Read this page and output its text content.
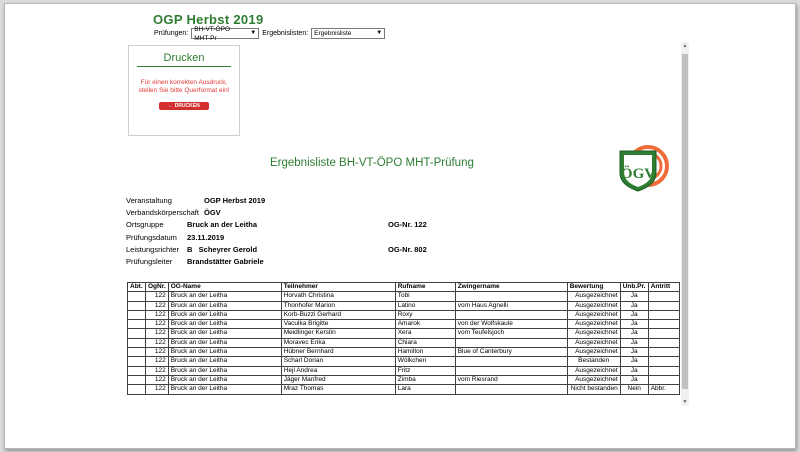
OGP Herbst 2019
Prüfungen:
BH-VT-ÖPO MHT-Pr
▼ Ergebnislisten: Ergebnisliste	▼
Drucken
Für einen korrekten Ausdruck,
stellen Sie bitte Querformat ein!
← DRUCKEN
Ergebnisliste BH-VT-ÖPO MHT-Prüfung
ÖGV
Veranstaltung	OGP Herbst 2019
Verbandskörperschaft ÖGV
Ortsgruppe	Bruck an der Leitha	OG-Nr. 122
Prüfungsdatum 23.11.2019
Leistungsrichter B   Scheyrer Gerold	OG-Nr. 802
Prüfungsleiter Brandstätter Gabriele
Abt.	OgNr.	OG-Name	Teilnehmer	Rufname	Zwingername	Bewertung	Unb.Pr.	Antritt
	122	Bruck an der Leitha	Horvath Christina	Tobi		Ausgezeichnet	Ja	
	122	Bruck an der Leitha	Thonhofer Marion	Latino	vom Haus Agnelli	Ausgezeichnet	Ja	
	122	Bruck an der Leitha	Korb-Buzzi Gerhard	Roxy		Ausgezeichnet	Ja	
	122	Bruck an der Leitha	Vaculka Brigitte	Amarok	von der Wolfskaule	Ausgezeichnet	Ja	
	122	Bruck an der Leitha	Meidlinger Kerstin	Xera	vom Teufelsjoch	Ausgezeichnet	Ja	
	122	Bruck an der Leitha	Moravec Erika	Chiara		Ausgezeichnet	Ja	
	122	Bruck an der Leitha	Hübner Bernhard	Hamilton	Blue of Canterbury	Ausgezeichnet	Ja	
	122	Bruck an der Leitha	Scharl Dorian	Wölkchen		Bestanden	Ja	
	122	Bruck an der Leitha	Hejl Andrea	Fritz		Ausgezeichnet	Ja	
	122	Bruck an der Leitha	Jäger Manfred	Zimba	vom Riesrand	Ausgezeichnet	Ja	
	122	Bruck an der Leitha	Mraz Thomas	Lara		Nicht bestanden	Nein	Abbr.
▲
▼
